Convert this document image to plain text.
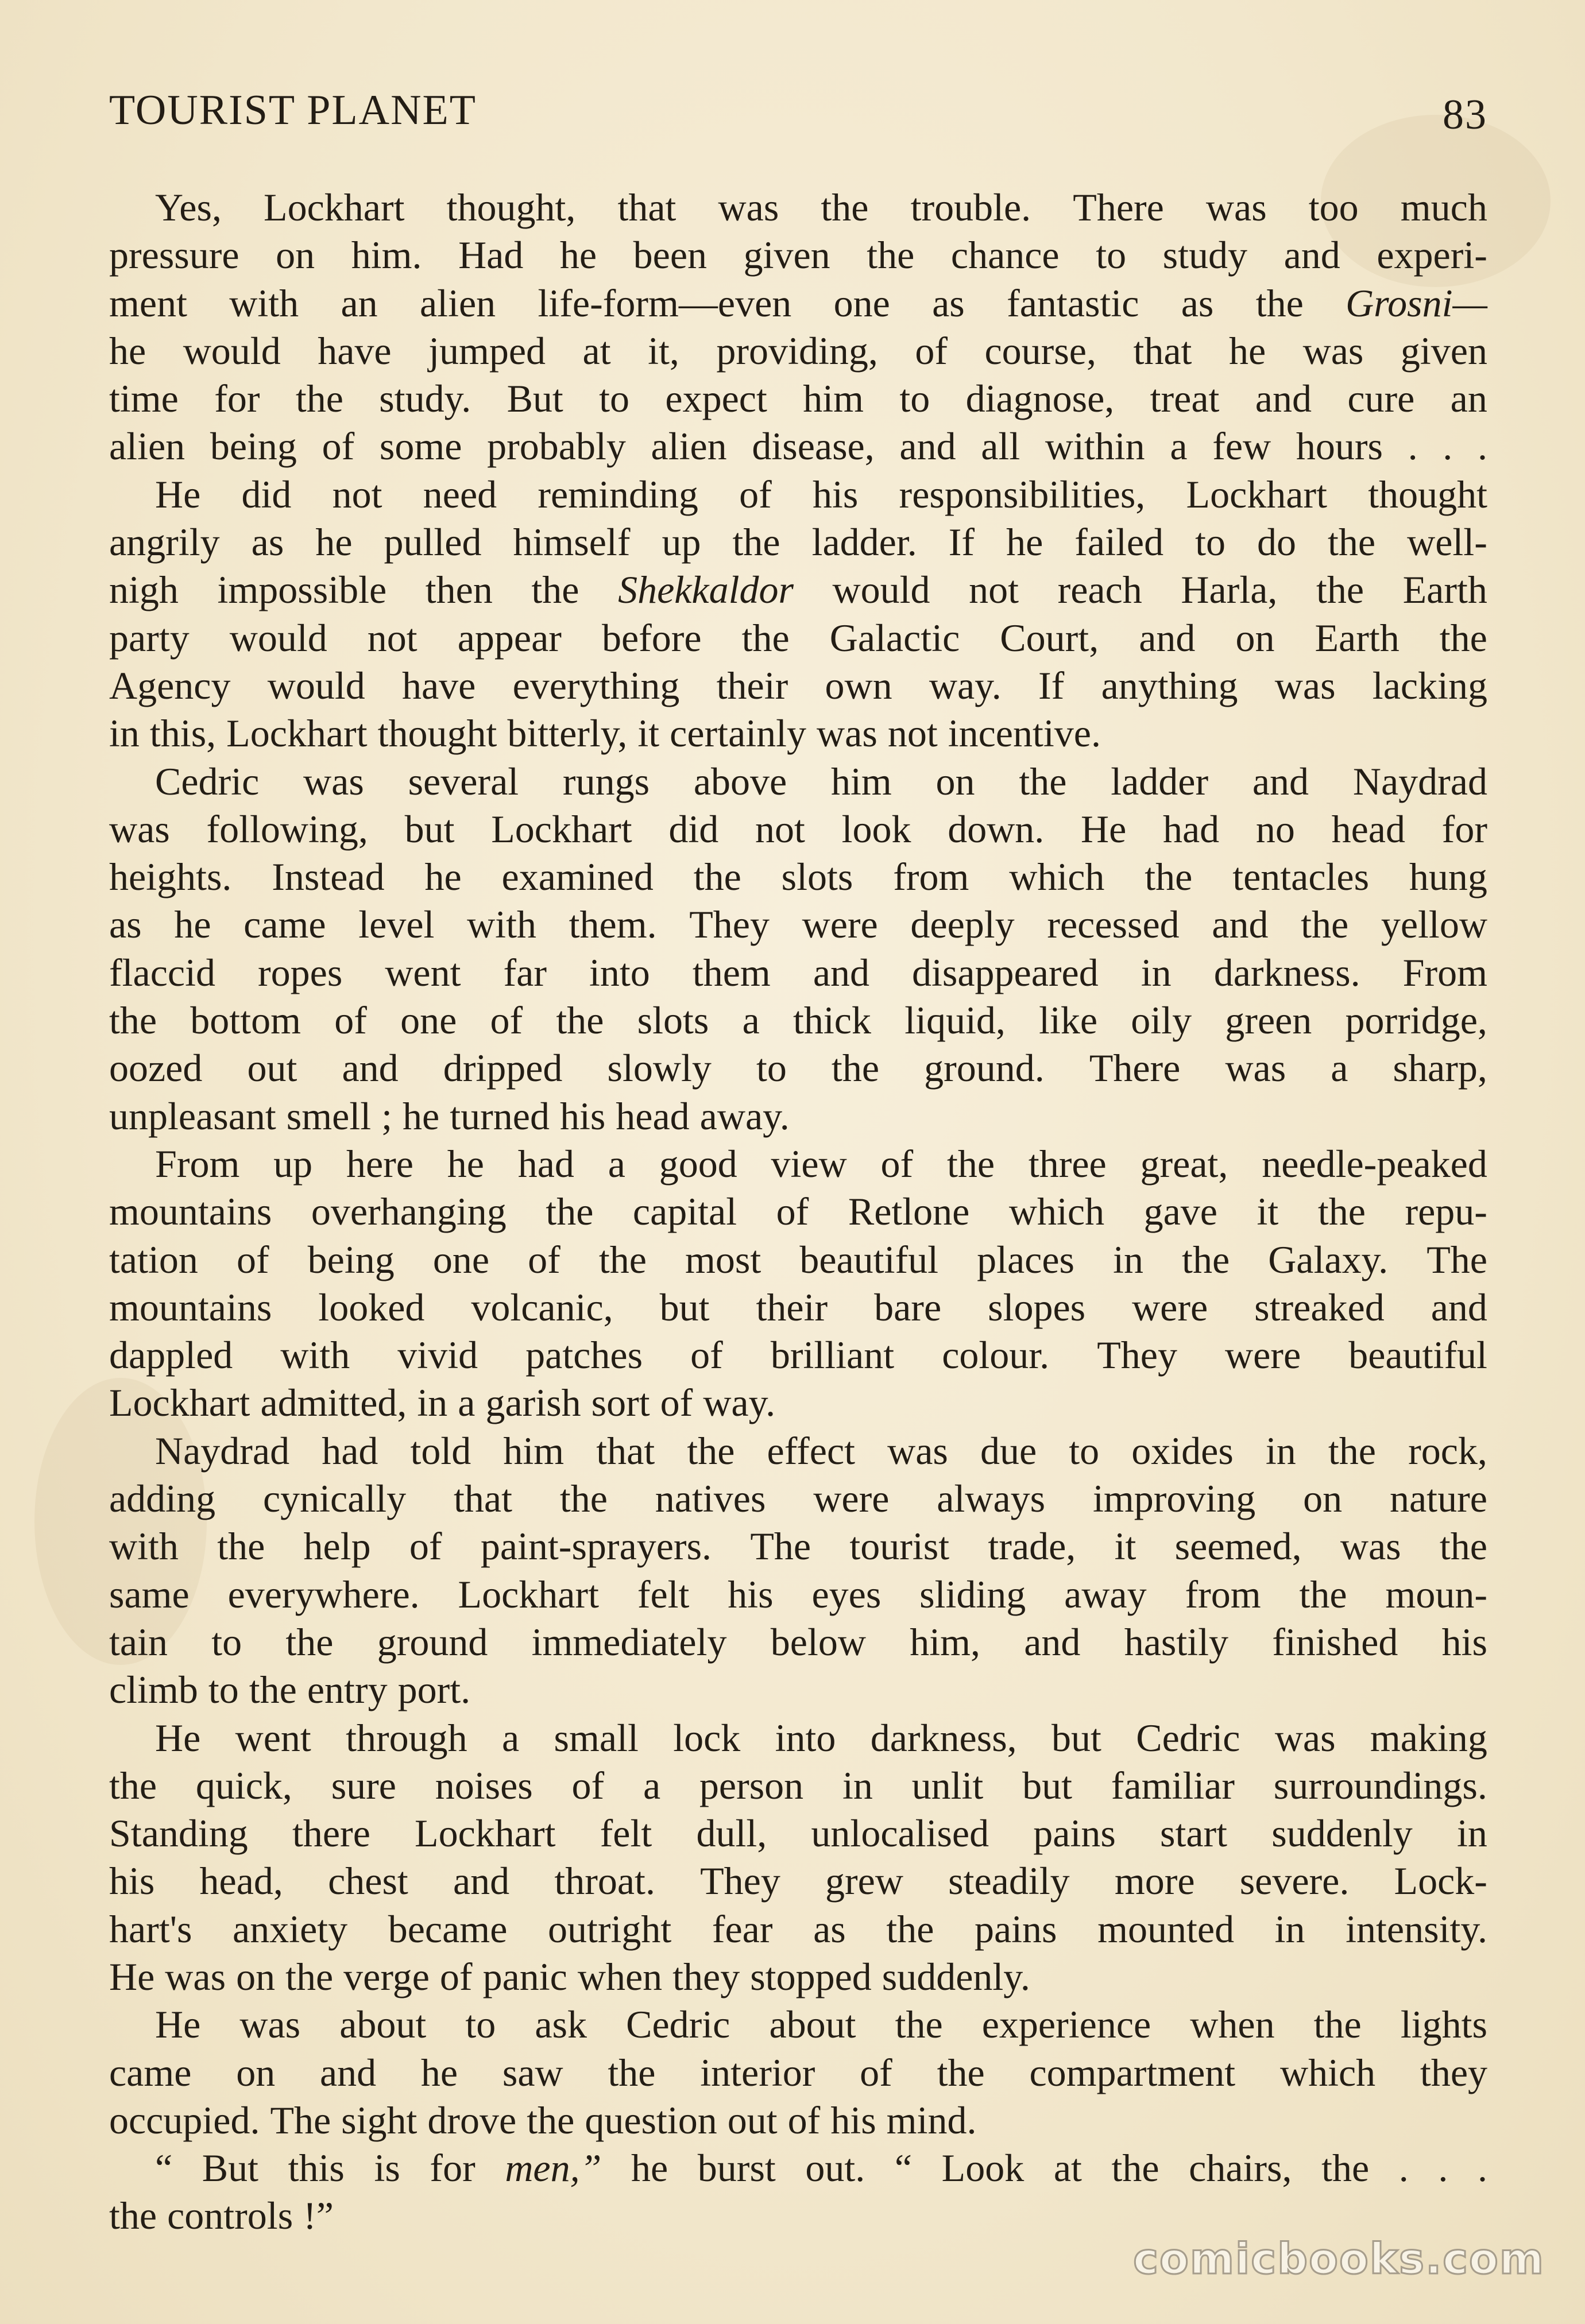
TOURIST PLANET	83
Yes, Lockhart thought, that was the trouble. There was too much
pressure on him. Had he been given the chance to study and experi-
ment with an alien life-form—even one as fantastic as the Grosni—
he would have jumped at it, providing, of course, that he was given
time for the study. But to expect him to diagnose, treat and cure an
alien being of some probably alien disease, and all within a few hours . . .
He did not need reminding of his responsibilities, Lockhart thought
angrily as he pulled himself up the ladder. If he failed to do the well-
nigh impossible then the Shekkaldor would not reach Harla, the Earth
party would not appear before the Galactic Court, and on Earth the
Agency would have everything their own way. If anything was lacking
in this, Lockhart thought bitterly, it certainly was not incentive.
Cedric was several rungs above him on the ladder and Naydrad
was following, but Lockhart did not look down. He had no head for
heights. Instead he examined the slots from which the tentacles hung
as he came level with them. They were deeply recessed and the yellow
flaccid ropes went far into them and disappeared in darkness. From
the bottom of one of the slots a thick liquid, like oily green porridge,
oozed out and dripped slowly to the ground. There was a sharp,
unpleasant smell ; he turned his head away.
From up here he had a good view of the three great, needle-peaked
mountains overhanging the capital of Retlone which gave it the repu-
tation of being one of the most beautiful places in the Galaxy. The
mountains looked volcanic, but their bare slopes were streaked and
dappled with vivid patches of brilliant colour. They were beautiful
Lockhart admitted, in a garish sort of way.
Naydrad had told him that the effect was due to oxides in the rock,
adding cynically that the natives were always improving on nature
with the help of paint-sprayers. The tourist trade, it seemed, was the
same everywhere. Lockhart felt his eyes sliding away from the moun-
tain to the ground immediately below him, and hastily finished his
climb to the entry port.
He went through a small lock into darkness, but Cedric was making
the quick, sure noises of a person in unlit but familiar surroundings.
Standing there Lockhart felt dull, unlocalised pains start suddenly in
his head, chest and throat. They grew steadily more severe. Lock-
hart's anxiety became outright fear as the pains mounted in intensity.
He was on the verge of panic when they stopped suddenly.
He was about to ask Cedric about the experience when the lights
came on and he saw the interior of the compartment which they
occupied. The sight drove the question out of his mind.
“ But this is for men,” he burst out. “ Look at the chairs, the . . .
the controls !”
comicbooks.com
